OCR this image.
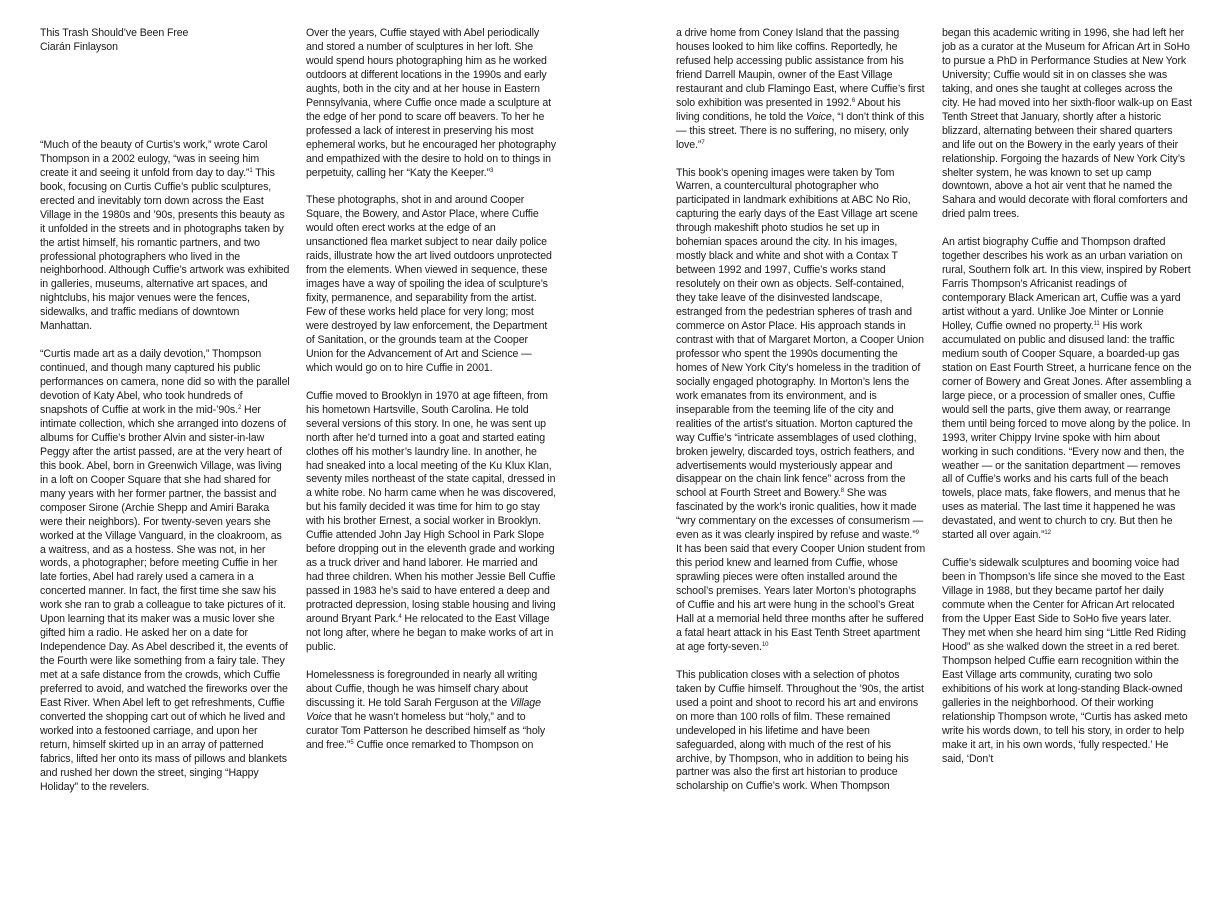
This Trash Should’ve Been Free
Ciarán Finlayson

“Much of the beauty of Curtis’s work,” wrote Carol Thompson in a 2002 eulogy, “was in seeing him create it and seeing it unfold from day to day.”$^1$ This book, focusing on Curtis Cuffie’s public sculptures, erected and inevitably torn down across the East Village in the 1980s and ’90s, presents this beauty as it unfolded in the streets and in photographs taken by the artist himself, his romantic partners, and two professional photographers who lived in the neighborhood. Although Cuffie’s artwork was exhibited in galleries, museums, alternative art spaces, and nightclubs, his major venues were the fences, sidewalks, and traffic medians of downtown Manhattan.

“Curtis made art as a daily devotion,” Thompson continued, and though many captured his public performances on camera, none did so with the parallel devotion of Katy Abel, who took hundreds of snapshots of Cuffie at work in the mid-’90s.$^2$ Her intimate collection, which she arranged into dozens of albums for Cuffie’s brother Alvin and sister-in-law Peggy after the artist passed, are at the very heart of this book. Abel, born in Greenwich Village, was living in a loft on Cooper Square that she had shared for many years with her former partner, the bassist and composer Sirone (Archie Shepp and Amiri Baraka were their neighbors). For twenty-seven years she worked at the Village Vanguard, in the cloakroom, as a waitress, and as a hostess. She was not, in her words, a photographer; before meeting Cuffie in her late forties, Abel had rarely used a camera in a concerted manner. In fact, the first time she saw his work she ran to grab a colleague to take pictures of it. Upon learning that its maker was a music lover she gifted him a radio. He asked her on a date for Independence Day. As Abel described it, the events of the Fourth were like something from a fairy tale. They met at a safe distance from the crowds, which Cuffie preferred to avoid, and watched the fireworks over the East River. When Abel left to get refreshments, Cuffie converted the shopping cart out of which he lived and worked into a festooned carriage, and upon her return, himself skirted up in an array of patterned fabrics, lifted her onto its mass of pillows and blankets and rushed her down the street, singing “Happy Holiday” to the revelers.

Over the years, Cuffie stayed with Abel periodically and stored a number of sculptures in her loft. She would spend hours photographing him as he worked outdoors at different locations in the 1990s and early aughts, both in the city and at her house in Eastern Pennsylvania, where Cuffie once made a sculpture at the edge of her pond to scare off beavers. To her he professed a lack of interest in preserving his most ephemeral works, but he encouraged her photography and empathized with the desire to hold on to things in perpetuity, calling her “Katy the Keeper.”$^3$

These photographs, shot in and around Cooper Square, the Bowery, and Astor Place, where Cuffie would often erect works at the edge of an unsanctioned flea market subject to near daily police raids, illustrate how the art lived outdoors unprotected from the elements. When viewed in sequence, these images have a way of spoiling the idea of sculpture’s fixity, permanence, and separability from the artist. Few of these works held place for very long; most were destroyed by law enforcement, the Department of Sanitation, or the grounds team at the Cooper Union for the Advancement of Art and Science — which would go on to hire Cuffie in 2001.

Cuffie moved to Brooklyn in 1970 at age fifteen, from his hometown Hartsville, South Carolina. He told several versions of this story. In one, he was sent up north after he’d turned into a goat and started eating clothes off his mother’s laundry line. In another, he had sneaked into a local meeting of the Ku Klux Klan, seventy miles northeast of the state capital, dressed in a white robe. No harm came when he was discovered, but his family decided it was time for him to go stay with his brother Ernest, a social worker in Brooklyn. Cuffie attended John Jay High School in Park Slope before dropping out in the eleventh grade and working as a truck driver and hand laborer. He married and had three children. When his mother Jessie Bell Cuffie passed in 1983 he’s said to have entered a deep and protracted depression, losing stable housing and living around Bryant Park.$^4$ He relocated to the East Village not long after, where he began to make works of art in public.

Homelessness is foregrounded in nearly all writing about Cuffie, though he was himself chary about discussing it. He told Sarah Ferguson at the Village Voice that he wasn’t homeless but “holy,” and to curator Tom Patterson he described himself as “holy and free.”$^5$ Cuffie once remarked to Thompson on

a drive home from Coney Island that the passing houses looked to him like coffins. Reportedly, he refused help accessing public assistance from his friend Darrell Maupin, owner of the East Village restaurant and club Flamingo East, where Cuffie’s first solo exhibition was presented in 1992.$^6$ About his living conditions, he told the Voice, “I don’t think of this — this street. There is no suffering, no misery, only love.”$^7$

This book’s opening images were taken by Tom Warren, a countercultural photographer who participated in landmark exhibitions at ABC No Rio, capturing the early days of the East Village art scene through makeshift photo studios he set up in bohemian spaces around the city. In his images, mostly black and white and shot with a Contax T between 1992 and 1997, Cuffie’s works stand resolutely on their own as objects. Self-contained, they take leave of the disinvested landscape, estranged from the pedestrian spheres of trash and commerce on Astor Place. His approach stands in contrast with that of Margaret Morton, a Cooper Union professor who spent the 1990s documenting the homes of New York City’s homeless in the tradition of socially engaged photography. In Morton’s lens the work emanates from its environment, and is inseparable from the teeming life of the city and realities of the artist’s situation. Morton captured the way Cuffie’s “intricate assemblages of used clothing, broken jewelry, discarded toys, ostrich feathers, and advertisements would mysteriously appear and disappear on the chain link fence” across from the school at Fourth Street and Bowery.$^8$ She was fascinated by the work’s ironic qualities, how it made “wry commentary on the excesses of consumerism — even as it was clearly inspired by refuse and waste.”$^9$ It has been said that every Cooper Union student from this period knew and learned from Cuffie, whose sprawling pieces were often installed around the school’s premises. Years later Morton’s photographs of Cuffie and his art were hung in the school’s Great Hall at a memorial held three months after he suffered a fatal heart attack in his East Tenth Street apartment at age forty-seven.$^{10}$

This publication closes with a selection of photos taken by Cuffie himself. Throughout the ’90s, the artist used a point and shoot to record his art and environs on more than 100 rolls of film. These remained undeveloped in his lifetime and have been safeguarded, along with much of the rest of his archive, by Thompson, who in addition to being his partner was also the first art historian to produce scholarship on Cuffie’s work. When Thompson

began this academic writing in 1996, she had left her job as a curator at the Museum for African Art in SoHo to pursue a PhD in Performance Studies at New York University; Cuffie would sit in on classes she was taking, and ones she taught at colleges across the city. He had moved into her sixth-floor walk-up on East Tenth Street that January, shortly after a historic blizzard, alternating between their shared quarters and life out on the Bowery in the early years of their relationship. Forgoing the hazards of New York City’s shelter system, he was known to set up camp downtown, above a hot air vent that he named the Sahara and would decorate with floral comforters and dried palm trees.

An artist biography Cuffie and Thompson drafted together describes his work as an urban variation on rural, Southern folk art. In this view, inspired by Robert Farris Thompson’s Africanist readings of contemporary Black American art, Cuffie was a yard artist without a yard. Unlike Joe Minter or Lonnie Holley, Cuffie owned no property.$^{11}$ His work accumulated on public and disused land: the traffic medium south of Cooper Square, a boarded-up gas station on East Fourth Street, a hurricane fence on the corner of Bowery and Great Jones. After assembling a large piece, or a procession of smaller ones, Cuffie would sell the parts, give them away, or rearrange them until being forced to move along by the police. In 1993, writer Chippy Irvine spoke with him about working in such conditions. “Every now and then, the weather — or the sanitation department — removes all of Cuffie’s works and his carts full of the beach towels, place mats, fake flowers, and menus that he uses as material. The last time it happened he was devastated, and went to church to cry. But then he started all over again.”$^{12}$

Cuffie’s sidewalk sculptures and booming voice had been in Thompson’s life since she moved to the East Village in 1988, but they became partof her daily commute when the Center for African Art relocated from the Upper East Side to SoHo five years later. They met when she heard him sing “Little Red Riding Hood” as she walked down the street in a red beret. Thompson helped Cuffie earn recognition within the East Village arts community, curating two solo exhibitions of his work at long-standing Black-owned galleries in the neighborhood. Of their working relationship Thompson wrote, “Curtis has asked meto write his words down, to tell his story, in order to help make it art, in his own words, ‘fully respected.’ He said, ‘Don’t
